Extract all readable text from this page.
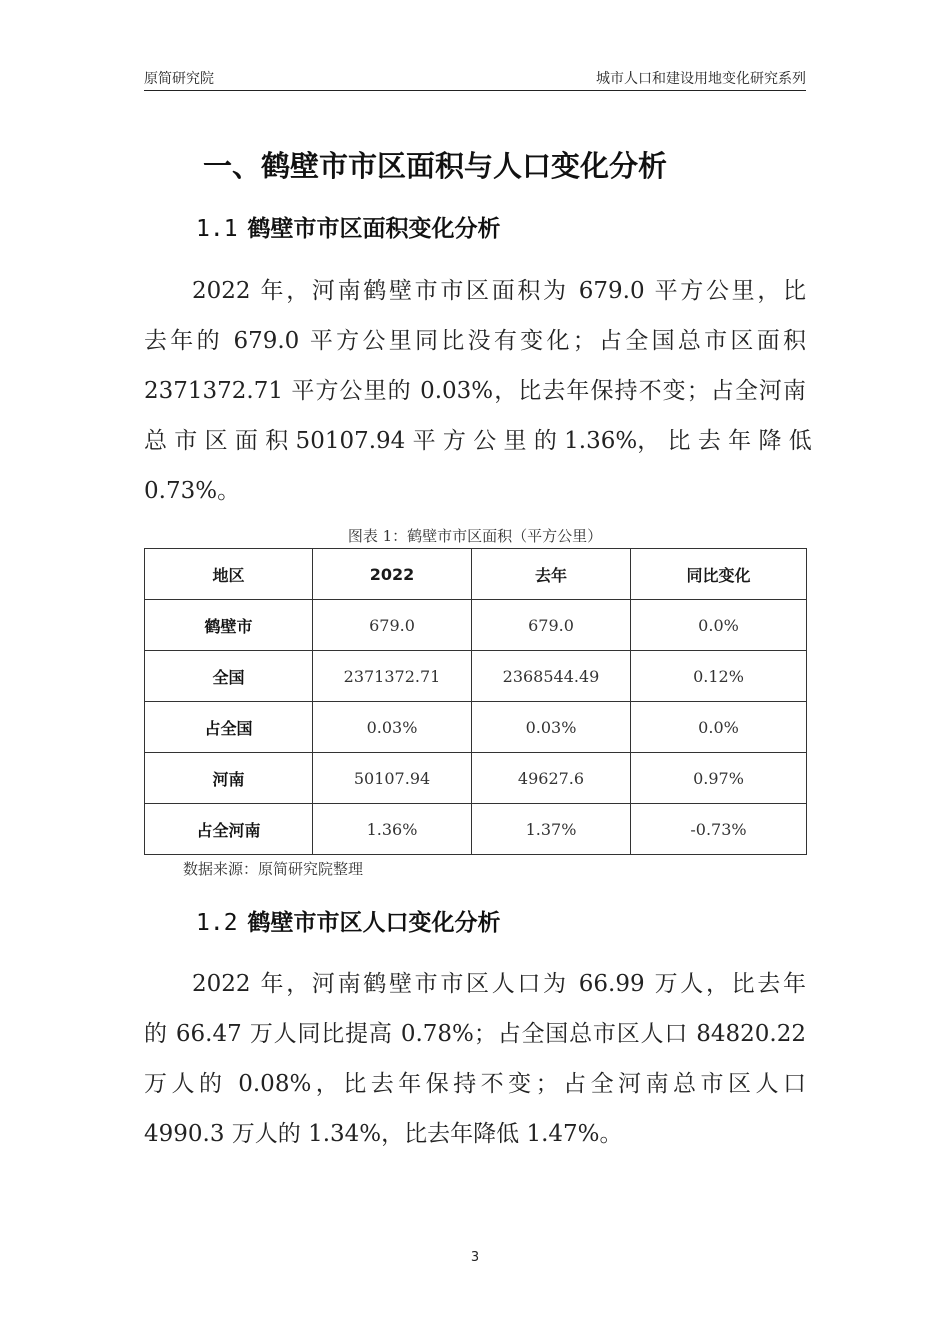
原简研究院	城市人口和建设用地变化研究系列
一、鹤壁市市区面积与人口变化分析
1.1 鹤壁市市区面积变化分析
2022 年，河南鹤壁市市区面积为 679.0 平方公里，比
去年的 679.0 平方公里同比没有变化；占全国总市区面积
2371372.71 平方公里的 0.03%，比去年保持不变；占全河南
总 市 区 面 积 50107.94 平 方 公 里 的 1.36%， 比 去 年 降 低
0.73%。
图表 1：鹤壁市市区面积（平方公里）
地区	2022	去年	同比变化
鹤壁市	679.0	679.0	0.0%
全国	2371372.71	2368544.49	0.12%
占全国	0.03%	0.03%	0.0%
河南	50107.94	49627.6	0.97%
占全河南	1.36%	1.37%	-0.73%
数据来源：原简研究院整理
1.2 鹤壁市市区人口变化分析
2022 年，河南鹤壁市市区人口为 66.99 万人，比去年
的 66.47 万人同比提高 0.78%；占全国总市区人口 84820.22
万人的 0.08%，比去年保持不变；占全河南总市区人口
4990.3 万人的 1.34%，比去年降低 1.47%。
3
